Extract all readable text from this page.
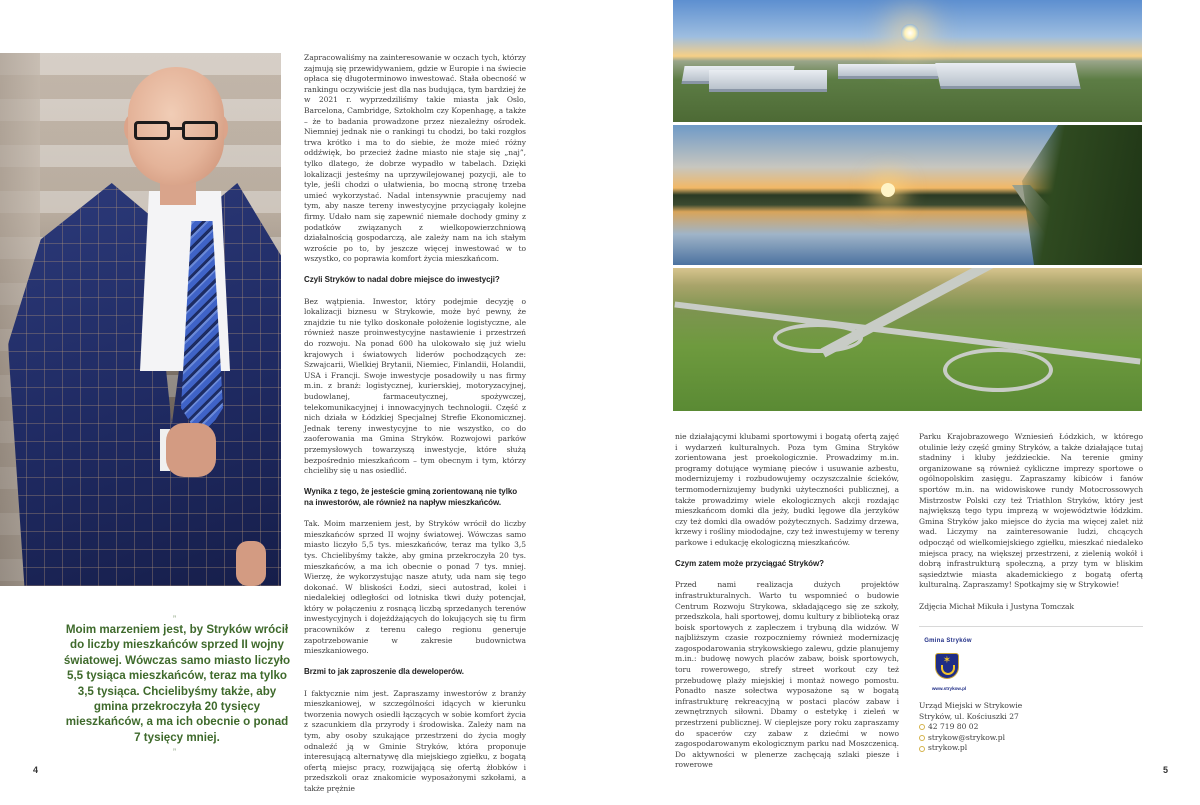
”

Moim marzeniem jest, by Stryków wrócił do liczby mieszkańców sprzed II wojny światowej. Wówczas samo miasto liczyło 5,5 tysiąca mieszkańców, teraz ma tylko 3,5 tysiąca. Chcielibyśmy także, aby gmina przekroczyła 20 tysięcy mieszkańców, a ma ich obecnie o ponad 7 tysięcy mniej.

”
4

Zapracowaliśmy na zainteresowanie w oczach tych, którzy zajmują się przewidywaniem, gdzie w Europie i na świecie opłaca się długoterminowo inwestować. Stała obecność w rankingu oczywiście jest dla nas budująca, tym bardziej że w 2021 r. wyprzedziliśmy takie miasta jak Oslo, Barcelona, Cambridge, Sztokholm czy Kopenhagę, a także – że to badania prowadzone przez niezależny ośrodek. Niemniej jednak nie o rankingi tu chodzi, bo taki rozgłos trwa krótko i ma to do siebie, że może mieć różny oddźwięk, bo przecież żadne miasto nie staje się „naj”, tylko dlatego, że dobrze wypadło w tabelach. Dzięki lokalizacji jesteśmy na uprzywilejowanej pozycji, ale to tyle, jeśli chodzi o ułatwienia, bo mocną stronę trzeba umieć wykorzystać. Nadal intensywnie pracujemy nad tym, aby nasze tereny inwestycyjne przyciągały kolejne firmy. Udało nam się zapewnić niemałe dochody gminy z podatków związanych z wielkopowierzchniową działalnością gospodarczą, ale zależy nam na ich stałym wzroście po to, by jeszcze więcej inwestować w to wszystko, co poprawia komfort życia mieszkańcom.

Czyli Stryków to nadal dobre miejsce do inwestycji?

Bez wątpienia. Inwestor, który podejmie decyzję o lokalizacji biznesu w Strykowie, może być pewny, że znajdzie tu nie tylko doskonałe położenie logistyczne, ale również nasze proinwestycyjne nastawienie i przestrzeń do rozwoju. Na ponad 600 ha ulokowało się już wielu krajowych i światowych liderów pochodzących ze: Szwajcarii, Wielkiej Brytanii, Niemiec, Finlandii, Holandii, USA i Francji. Swoje inwestycje posadowiły u nas firmy m.in. z branż: logistycznej, kurierskiej, motoryzacyjnej, budowlanej, farmaceutycznej, spożywczej, telekomunikacyjnej i innowacyjnych technologii. Część z nich działa w Łódzkiej Specjalnej Strefie Ekonomicznej. Jednak tereny inwestycyjne to nie wszystko, co do zaoferowania ma Gmina Stryków. Rozwojowi parków przemysłowych towarzyszą inwestycje, które służą bezpośrednio mieszkańcom – tym obecnym i tym, którzy chcieliby się u nas osiedlić.

Wynika z tego, że jesteście gminą zorientowaną nie tylko na inwestorów, ale również na napływ mieszkańców.

Tak. Moim marzeniem jest, by Stryków wrócił do liczby mieszkańców sprzed II wojny światowej. Wówczas samo miasto liczyło 5,5 tys. mieszkańców, teraz ma tylko 3,5 tys. Chcielibyśmy także, aby gmina przekroczyła 20 tys. mieszkańców, a ma ich obecnie o ponad 7 tys. mniej. Wierzę, że wykorzystując nasze atuty, uda nam się tego dokonać. W bliskości Łodzi, sieci autostrad, kolei i niedalekiej odległości od lotniska tkwi duży potencjał, który w połączeniu z rosnącą liczbą sprzedanych terenów inwestycyjnych i dojeżdżających do lokujących się tu firm pracowników z terenu całego regionu generuje zapotrzebowanie w zakresie budownictwa mieszkaniowego.

Brzmi to jak zaproszenie dla deweloperów.

I faktycznie nim jest. Zapraszamy inwestorów z branży mieszkaniowej, w szczególności idących w kierunku tworzenia nowych osiedli łączących w sobie komfort życia z szacunkiem dla przyrody i środowiska. Zależy nam na tym, aby osoby szukające przestrzeni do życia mogły odnaleźć ją w Gminie Stryków, która proponuje interesującą alternatywę dla miejskiego zgiełku, z bogatą ofertą miejsc pracy, rozwijającą się ofertą żłobków i przedszkoli oraz znakomicie wyposażonymi szkołami, a także prężnie

nie działającymi klubami sportowymi i bogatą ofertą zajęć i wydarzeń kulturalnych. Poza tym Gmina Stryków zorientowana jest proekologicznie. Prowadzimy m.in. programy dotujące wymianę pieców i usuwanie azbestu, modernizujemy i rozbudowujemy oczyszczalnie ścieków, termomodernizujemy budynki użyteczności publicznej, a także prowadzimy wiele ekologicznych akcji rozdając mieszkańcom domki dla jeży, budki lęgowe dla jerzyków czy też domki dla owadów pożytecznych. Sadzimy drzewa, krzewy i rośliny miododajne, czy też inwestujemy w tereny parkowe i edukację ekologiczną mieszkańców.

Czym zatem może przyciągać Stryków?

Przed nami realizacja dużych projektów infrastrukturalnych. Warto tu wspomnieć o budowie Centrum Rozwoju Strykowa, składającego się ze szkoły, przedszkola, hali sportowej, domu kultury z biblioteką oraz boisk sportowych z zapleczem i trybuną dla widzów. W najbliższym czasie rozpoczniemy również modernizację zagospodarowania strykowskiego zalewu, gdzie planujemy m.in.: budowę nowych placów zabaw, boisk sportowych, toru rowerowego, strefy street workout czy też przebudowę plaży miejskiej i montaż nowego pomostu. Ponadto nasze sołectwa wyposażone są w bogatą infrastrukturę rekreacyjną w postaci placów zabaw i zewnętrznych siłowni. Dbamy o estetykę i zieleń w przestrzeni publicznej. W cieplejsze pory roku zapraszamy do spacerów czy zabaw z dziećmi w nowo zagospodarowanym ekologicznym parku nad Moszczenicą. Do aktywności w plenerze zachęcają szlaki piesze i rowerowe

Parku Krajobrazowego Wzniesień Łódzkich, w którego otulinie leży część gminy Stryków, a także działające tutaj stadniny i kluby jeździeckie. Na terenie gminy organizowane są również cykliczne imprezy sportowe o ogólnopolskim zasięgu. Zapraszamy kibiców i fanów sportów m.in. na widowiskowe rundy Motocrossowych Mistrzostw Polski czy też Triathlon Stryków, który jest największą tego typu imprezą w województwie łódzkim. Gmina Stryków jako miejsce do życia ma więcej zalet niż wad. Liczymy na zainteresowanie ludzi, chcących odpocząć od wielkomiejskiego zgiełku, mieszkać niedaleko miejsca pracy, na większej przestrzeni, z zielenią wokół i dobrą infrastrukturą społeczną, a przy tym w bliskim sąsiedztwie miasta akademickiego z bogatą ofertą kulturalną. Zapraszamy! Spotkajmy się w Strykowie!

Zdjęcia Michał Mikuła i Justyna Tomczak

Gmina Stryków
✶
www.strykow.pl
Urząd Miejski w Strykowie
Stryków, ul. Kościuszki 27
42 719 80 02
strykow@strykow.pl
strykow.pl
5
